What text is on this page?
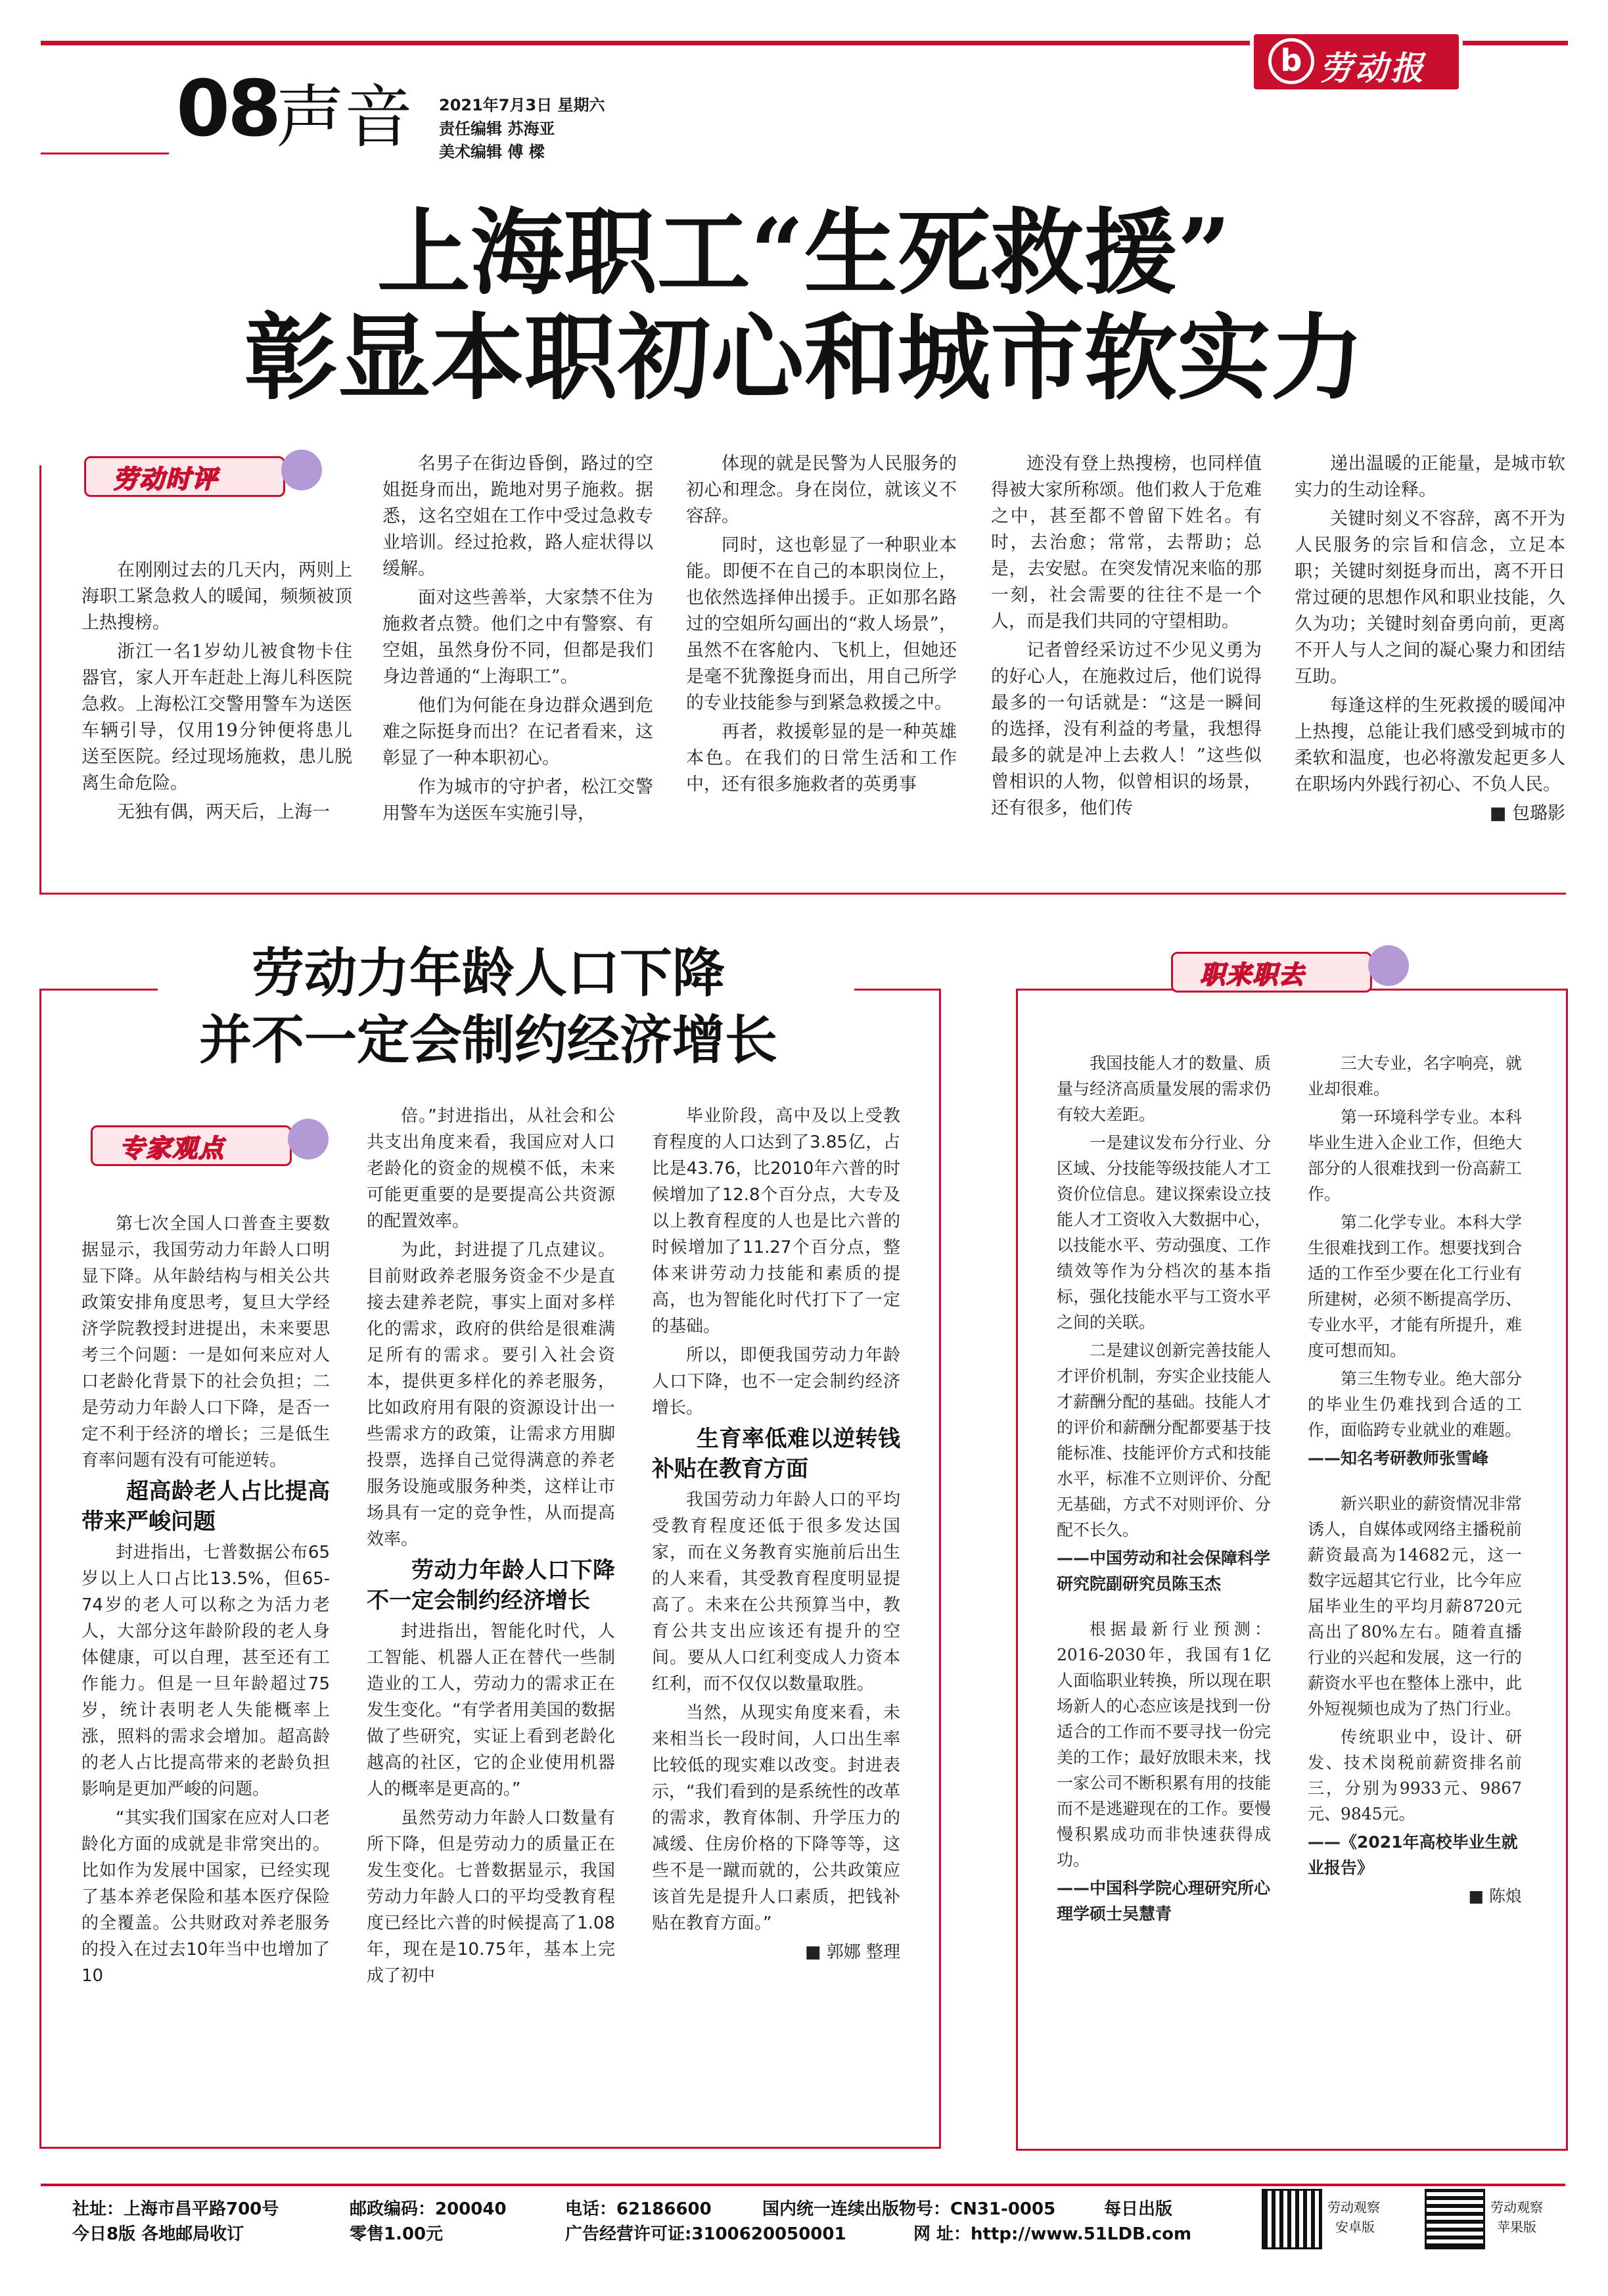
b 劳动报
08
声音 2021年7月3日 星期六
责任编辑 苏海亚
美术编辑 傅 樑
上海职工“生死救援”
彰显本职初心和城市软实力
劳动时评

在刚刚过去的几天内，两则上海职工紧急救人的暖闻，频频被顶上热搜榜。

浙江一名1岁幼儿被食物卡住器官，家人开车赶赴上海儿科医院急救。上海松江交警用警车为送医车辆引导，仅用19分钟便将患儿送至医院。经过现场施救，患儿脱离生命危险。

无独有偶，两天后，上海一

名男子在街边昏倒，路过的空姐挺身而出，跪地对男子施救。据悉，这名空姐在工作中受过急救专业培训。经过抢救，路人症状得以缓解。

面对这些善举，大家禁不住为施救者点赞。他们之中有警察、有空姐，虽然身份不同，但都是我们身边普通的“上海职工”。

他们为何能在身边群众遇到危难之际挺身而出？在记者看来，这彰显了一种本职初心。

作为城市的守护者，松江交警用警车为送医车实施引导，

体现的就是民警为人民服务的初心和理念。身在岗位，就该义不容辞。

同时，这也彰显了一种职业本能。即便不在自己的本职岗位上，也依然选择伸出援手。正如那名路过的空姐所勾画出的“救人场景”，虽然不在客舱内、飞机上，但她还是毫不犹豫挺身而出，用自己所学的专业技能参与到紧急救援之中。

再者，救援彰显的是一种英雄本色。在我们的日常生活和工作中，还有很多施救者的英勇事

迹没有登上热搜榜，也同样值得被大家所称颂。他们救人于危难之中，甚至都不曾留下姓名。有时，去治愈；常常，去帮助；总是，去安慰。在突发情况来临的那一刻，社会需要的往往不是一个人，而是我们共同的守望相助。

记者曾经采访过不少见义勇为的好心人，在施救过后，他们说得最多的一句话就是：“这是一瞬间的选择，没有利益的考量，我想得最多的就是冲上去救人！”这些似曾相识的人物，似曾相识的场景，还有很多，他们传

递出温暖的正能量，是城市软实力的生动诠释。

关键时刻义不容辞，离不开为人民服务的宗旨和信念，立足本职；关键时刻挺身而出，离不开日常过硬的思想作风和职业技能，久久为功；关键时刻奋勇向前，更离不开人与人之间的凝心聚力和团结互助。

每逢这样的生死救援的暖闻冲上热搜，总能让我们感受到城市的柔软和温度，也必将激发起更多人在职场内外践行初心、不负人民。

■ 包璐影

劳动力年龄人口下降
并不一定会制约经济增长
专家观点

第七次全国人口普查主要数据显示，我国劳动力年龄人口明显下降。从年龄结构与相关公共政策安排角度思考，复旦大学经济学院教授封进提出，未来要思考三个问题：一是如何来应对人口老龄化背景下的社会负担；二是劳动力年龄人口下降，是否一定不利于经济的增长；三是低生育率问题有没有可能逆转。

超高龄老人占比提高带来严峻问题

封进指出，七普数据公布65岁以上人口占比13.5%，但65-74岁的老人可以称之为活力老人，大部分这年龄阶段的老人身体健康，可以自理，甚至还有工作能力。但是一旦年龄超过75岁，统计表明老人失能概率上涨，照料的需求会增加。超高龄的老人占比提高带来的老龄负担影响是更加严峻的问题。

“其实我们国家在应对人口老龄化方面的成就是非常突出的。比如作为发展中国家，已经实现了基本养老保险和基本医疗保险的全覆盖。公共财政对养老服务的投入在过去10年当中也增加了10

倍。”封进指出，从社会和公共支出角度来看，我国应对人口老龄化的资金的规模不低，未来可能更重要的是要提高公共资源的配置效率。

为此，封进提了几点建议。目前财政养老服务资金不少是直接去建养老院，事实上面对多样化的需求，政府的供给是很难满足所有的需求。要引入社会资本，提供更多样化的养老服务，比如政府用有限的资源设计出一些需求方的政策，让需求方用脚投票，选择自己觉得满意的养老服务设施或服务种类，这样让市场具有一定的竞争性，从而提高效率。

劳动力年龄人口下降不一定会制约经济增长

封进指出，智能化时代，人工智能、机器人正在替代一些制造业的工人，劳动力的需求正在发生变化。“有学者用美国的数据做了些研究，实证上看到老龄化越高的社区，它的企业使用机器人的概率是更高的。”

虽然劳动力年龄人口数量有所下降，但是劳动力的质量正在发生变化。七普数据显示，我国劳动力年龄人口的平均受教育程度已经比六普的时候提高了1.08年，现在是10.75年，基本上完成了初中

毕业阶段，高中及以上受教育程度的人口达到了3.85亿，占比是43.76，比2010年六普的时候增加了12.8个百分点，大专及以上教育程度的人也是比六普的时候增加了11.27个百分点，整体来讲劳动力技能和素质的提高，也为智能化时代打下了一定的基础。

所以，即便我国劳动力年龄人口下降，也不一定会制约经济增长。

生育率低难以逆转钱补贴在教育方面

我国劳动力年龄人口的平均受教育程度还低于很多发达国家，而在义务教育实施前后出生的人来看，其受教育程度明显提高了。未来在公共预算当中，教育公共支出应该还有提升的空间。要从人口红利变成人力资本红利，而不仅仅以数量取胜。

当然，从现实角度来看，未来相当长一段时间，人口出生率比较低的现实难以改变。封进表示，“我们看到的是系统性的改革的需求，教育体制、升学压力的减缓、住房价格的下降等等，这些不是一蹴而就的，公共政策应该首先是提升人口素质，把钱补贴在教育方面。”

■ 郭娜 整理

职来职去

我国技能人才的数量、质量与经济高质量发展的需求仍有较大差距。

一是建议发布分行业、分区域、分技能等级技能人才工资价位信息。建议探索设立技能人才工资收入大数据中心，以技能水平、劳动强度、工作绩效等作为分档次的基本指标，强化技能水平与工资水平之间的关联。

二是建议创新完善技能人才评价机制，夯实企业技能人才薪酬分配的基础。技能人才的评价和薪酬分配都要基于技能标准、技能评价方式和技能水平，标准不立则评价、分配无基础，方式不对则评价、分配不长久。

——中国劳动和社会保障科学研究院副研究员陈玉杰

根据最新行业预测：2016-2030年，我国有1亿人面临职业转换，所以现在职场新人的心态应该是找到一份适合的工作而不要寻找一份完美的工作；最好放眼未来，找一家公司不断积累有用的技能而不是逃避现在的工作。要慢慢积累成功而非快速获得成功。

——中国科学院心理研究所心理学硕士吴慧青

三大专业，名字响亮，就业却很难。

第一环境科学专业。本科毕业生进入企业工作，但绝大部分的人很难找到一份高薪工作。

第二化学专业。本科大学生很难找到工作。想要找到合适的工作至少要在化工行业有所建树，必须不断提高学历、专业水平，才能有所提升，难度可想而知。

第三生物专业。绝大部分的毕业生仍难找到合适的工作，面临跨专业就业的难题。

——知名考研教师张雪峰

新兴职业的薪资情况非常诱人，自媒体或网络主播税前薪资最高为14682元，这一数字远超其它行业，比今年应届毕业生的平均月薪8720元高出了80%左右。随着直播行业的兴起和发展，这一行的薪资水平也在整体上涨中，此外短视频也成为了热门行业。

传统职业中，设计、研发、技术岗税前薪资排名前三，分别为9933元、9867元、9845元。

——《2021年高校毕业生就业报告》

■ 陈烺

社址：上海市昌平路700号
今日8版 各地邮局收订
邮政编码：200040
零售1.00元
电话：62186600
广告经营许可证:3100620050001
国内统一连续出版物号：CN31-0005
网 址：http://www.51LDB.com
每日出版	劳动观察
安卓版
劳动观察
苹果版
